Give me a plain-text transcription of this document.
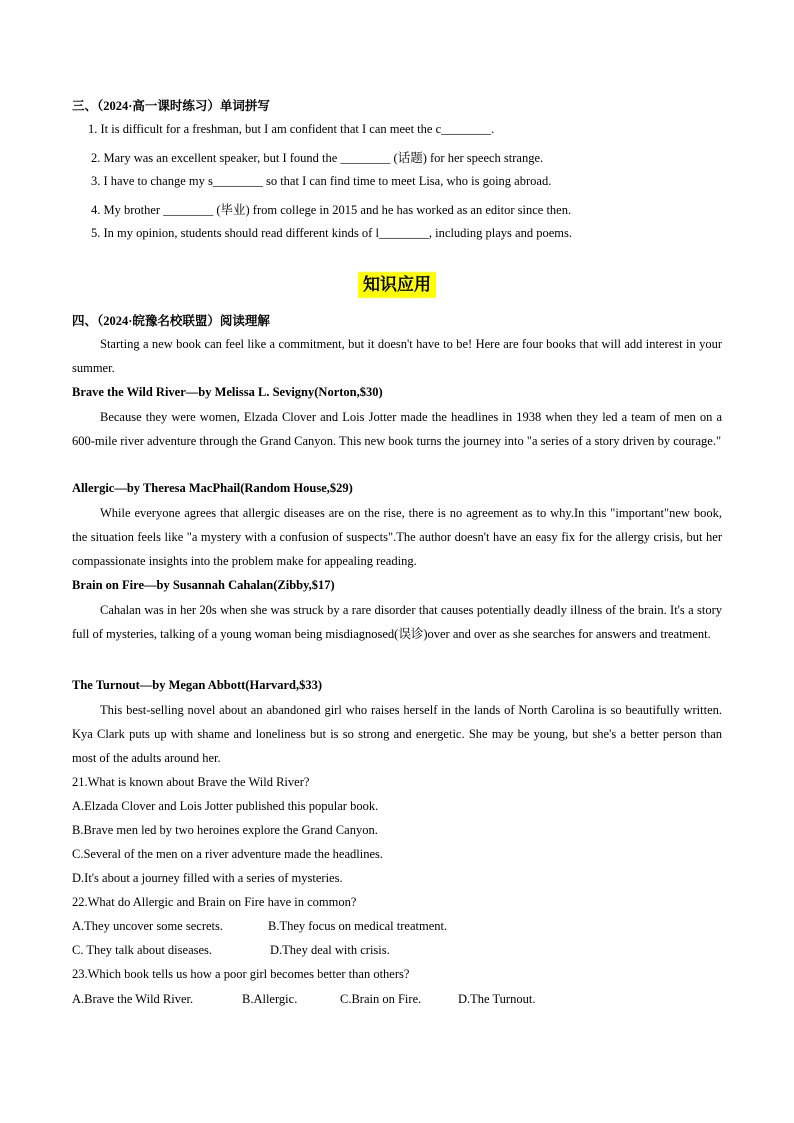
三、（2024·高一课时练习）单词拼写
1. It is difficult for a freshman, but I am confident that I can meet the c________.
2. Mary was an excellent speaker, but I found the ________ (话题) for her speech strange.
3. I have to change my s________ so that I can find time to meet Lisa, who is going abroad.
4. My brother ________ (毕业) from college in 2015 and he has worked as an editor since then.
5. In my opinion, students should read different kinds of l________, including plays and poems.
知识应用
四、（2024·皖豫名校联盟）阅读理解
Starting a new book can feel like a commitment, but it doesn't have to be! Here are four books that will add interest in your summer.
Brave the Wild River—by Melissa L. Sevigny(Norton,$30)
Because they were women, Elzada Clover and Lois Jotter made the headlines in 1938 when they led a team of men on a 600-mile river adventure through the Grand Canyon. This new book turns the journey into "a series of a story driven by courage."
Allergic—by Theresa MacPhail(Random House,$29)
While everyone agrees that allergic diseases are on the rise, there is no agreement as to why.In this "important"new book, the situation feels like "a mystery with a confusion of suspects".The author doesn't have an easy fix for the allergy crisis, but her compassionate insights into the problem make for appealing reading.
Brain on Fire—by Susannah Cahalan(Zibby,$17)
Cahalan was in her 20s when she was struck by a rare disorder that causes potentially deadly illness of the brain. It's a story full of mysteries, talking of a young woman being misdiagnosed(误诊)over and over as she searches for answers and treatment.
The Turnout—by Megan Abbott(Harvard,$33)
This best-selling novel about an abandoned girl who raises herself in the lands of North Carolina is so beautifully written. Kya Clark puts up with shame and loneliness but is so strong and energetic. She may be young, but she's a better person than most of the adults around her.
21.What is known about Brave the Wild River?
A.Elzada Clover and Lois Jotter published this popular book.
B.Brave men led by two heroines explore the Grand Canyon.
C.Several of the men on a river adventure made the headlines.
D.It's about a journey filled with a series of mysteries.
22.What do Allergic and Brain on Fire have in common?
A.They uncover some secrets.	B.They focus on medical treatment.
C. They talk about diseases.	D.They deal with crisis.
23.Which book tells us how a poor girl becomes better than others?
A.Brave the Wild River.	B.Allergic.	C.Brain on Fire.	D.The Turnout.
